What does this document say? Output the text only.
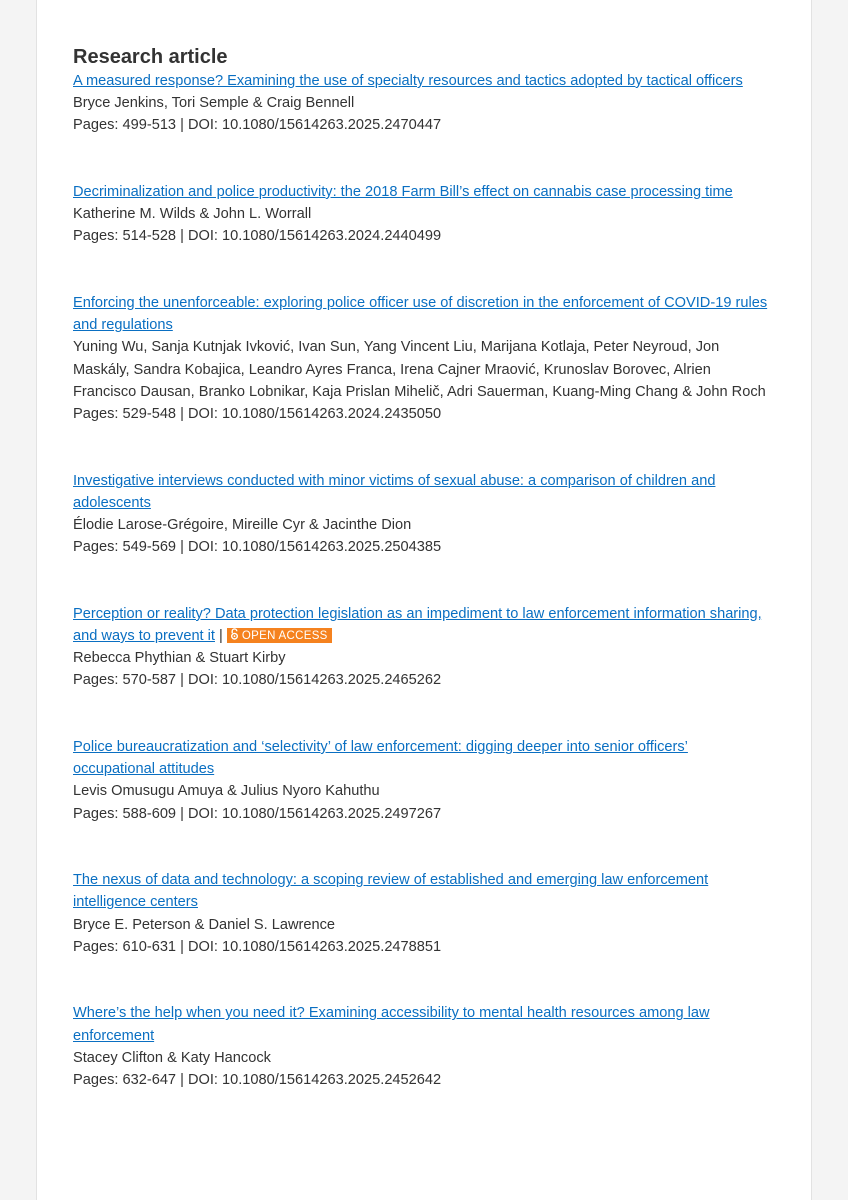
Research article
A measured response? Examining the use of specialty resources and tactics adopted by tactical officers
Bryce Jenkins, Tori Semple & Craig Bennell
Pages: 499-513 | DOI: 10.1080/15614263.2025.2470447
Decriminalization and police productivity: the 2018 Farm Bill’s effect on cannabis case processing time
Katherine M. Wilds & John L. Worrall
Pages: 514-528 | DOI: 10.1080/15614263.2024.2440499
Enforcing the unenforceable: exploring police officer use of discretion in the enforcement of COVID-19 rules and regulations
Yuning Wu, Sanja Kutnjak Ivković, Ivan Sun, Yang Vincent Liu, Marijana Kotlaja, Peter Neyroud, Jon Maskály, Sandra Kobajica, Leandro Ayres Franca, Irena Cajner Mraović, Krunoslav Borovec, Alrien Francisco Dausan, Branko Lobnikar, Kaja Prislan Mihelič, Adri Sauerman, Kuang-Ming Chang & John Roch
Pages: 529-548 | DOI: 10.1080/15614263.2024.2435050
Investigative interviews conducted with minor victims of sexual abuse: a comparison of children and adolescents
Élodie Larose-Grégoire, Mireille Cyr & Jacinthe Dion
Pages: 549-569 | DOI: 10.1080/15614263.2025.2504385
Perception or reality? Data protection legislation as an impediment to law enforcement information sharing, and ways to prevent it | OPEN ACCESS
Rebecca Phythian & Stuart Kirby
Pages: 570-587 | DOI: 10.1080/15614263.2025.2465262
Police bureaucratization and ‘selectivity’ of law enforcement: digging deeper into senior officers’ occupational attitudes
Levis Omusugu Amuya & Julius Nyoro Kahuthu
Pages: 588-609 | DOI: 10.1080/15614263.2025.2497267
The nexus of data and technology: a scoping review of established and emerging law enforcement intelligence centers
Bryce E. Peterson & Daniel S. Lawrence
Pages: 610-631 | DOI: 10.1080/15614263.2025.2478851
Where’s the help when you need it? Examining accessibility to mental health resources among law enforcement
Stacey Clifton & Katy Hancock
Pages: 632-647 | DOI: 10.1080/15614263.2025.2452642
